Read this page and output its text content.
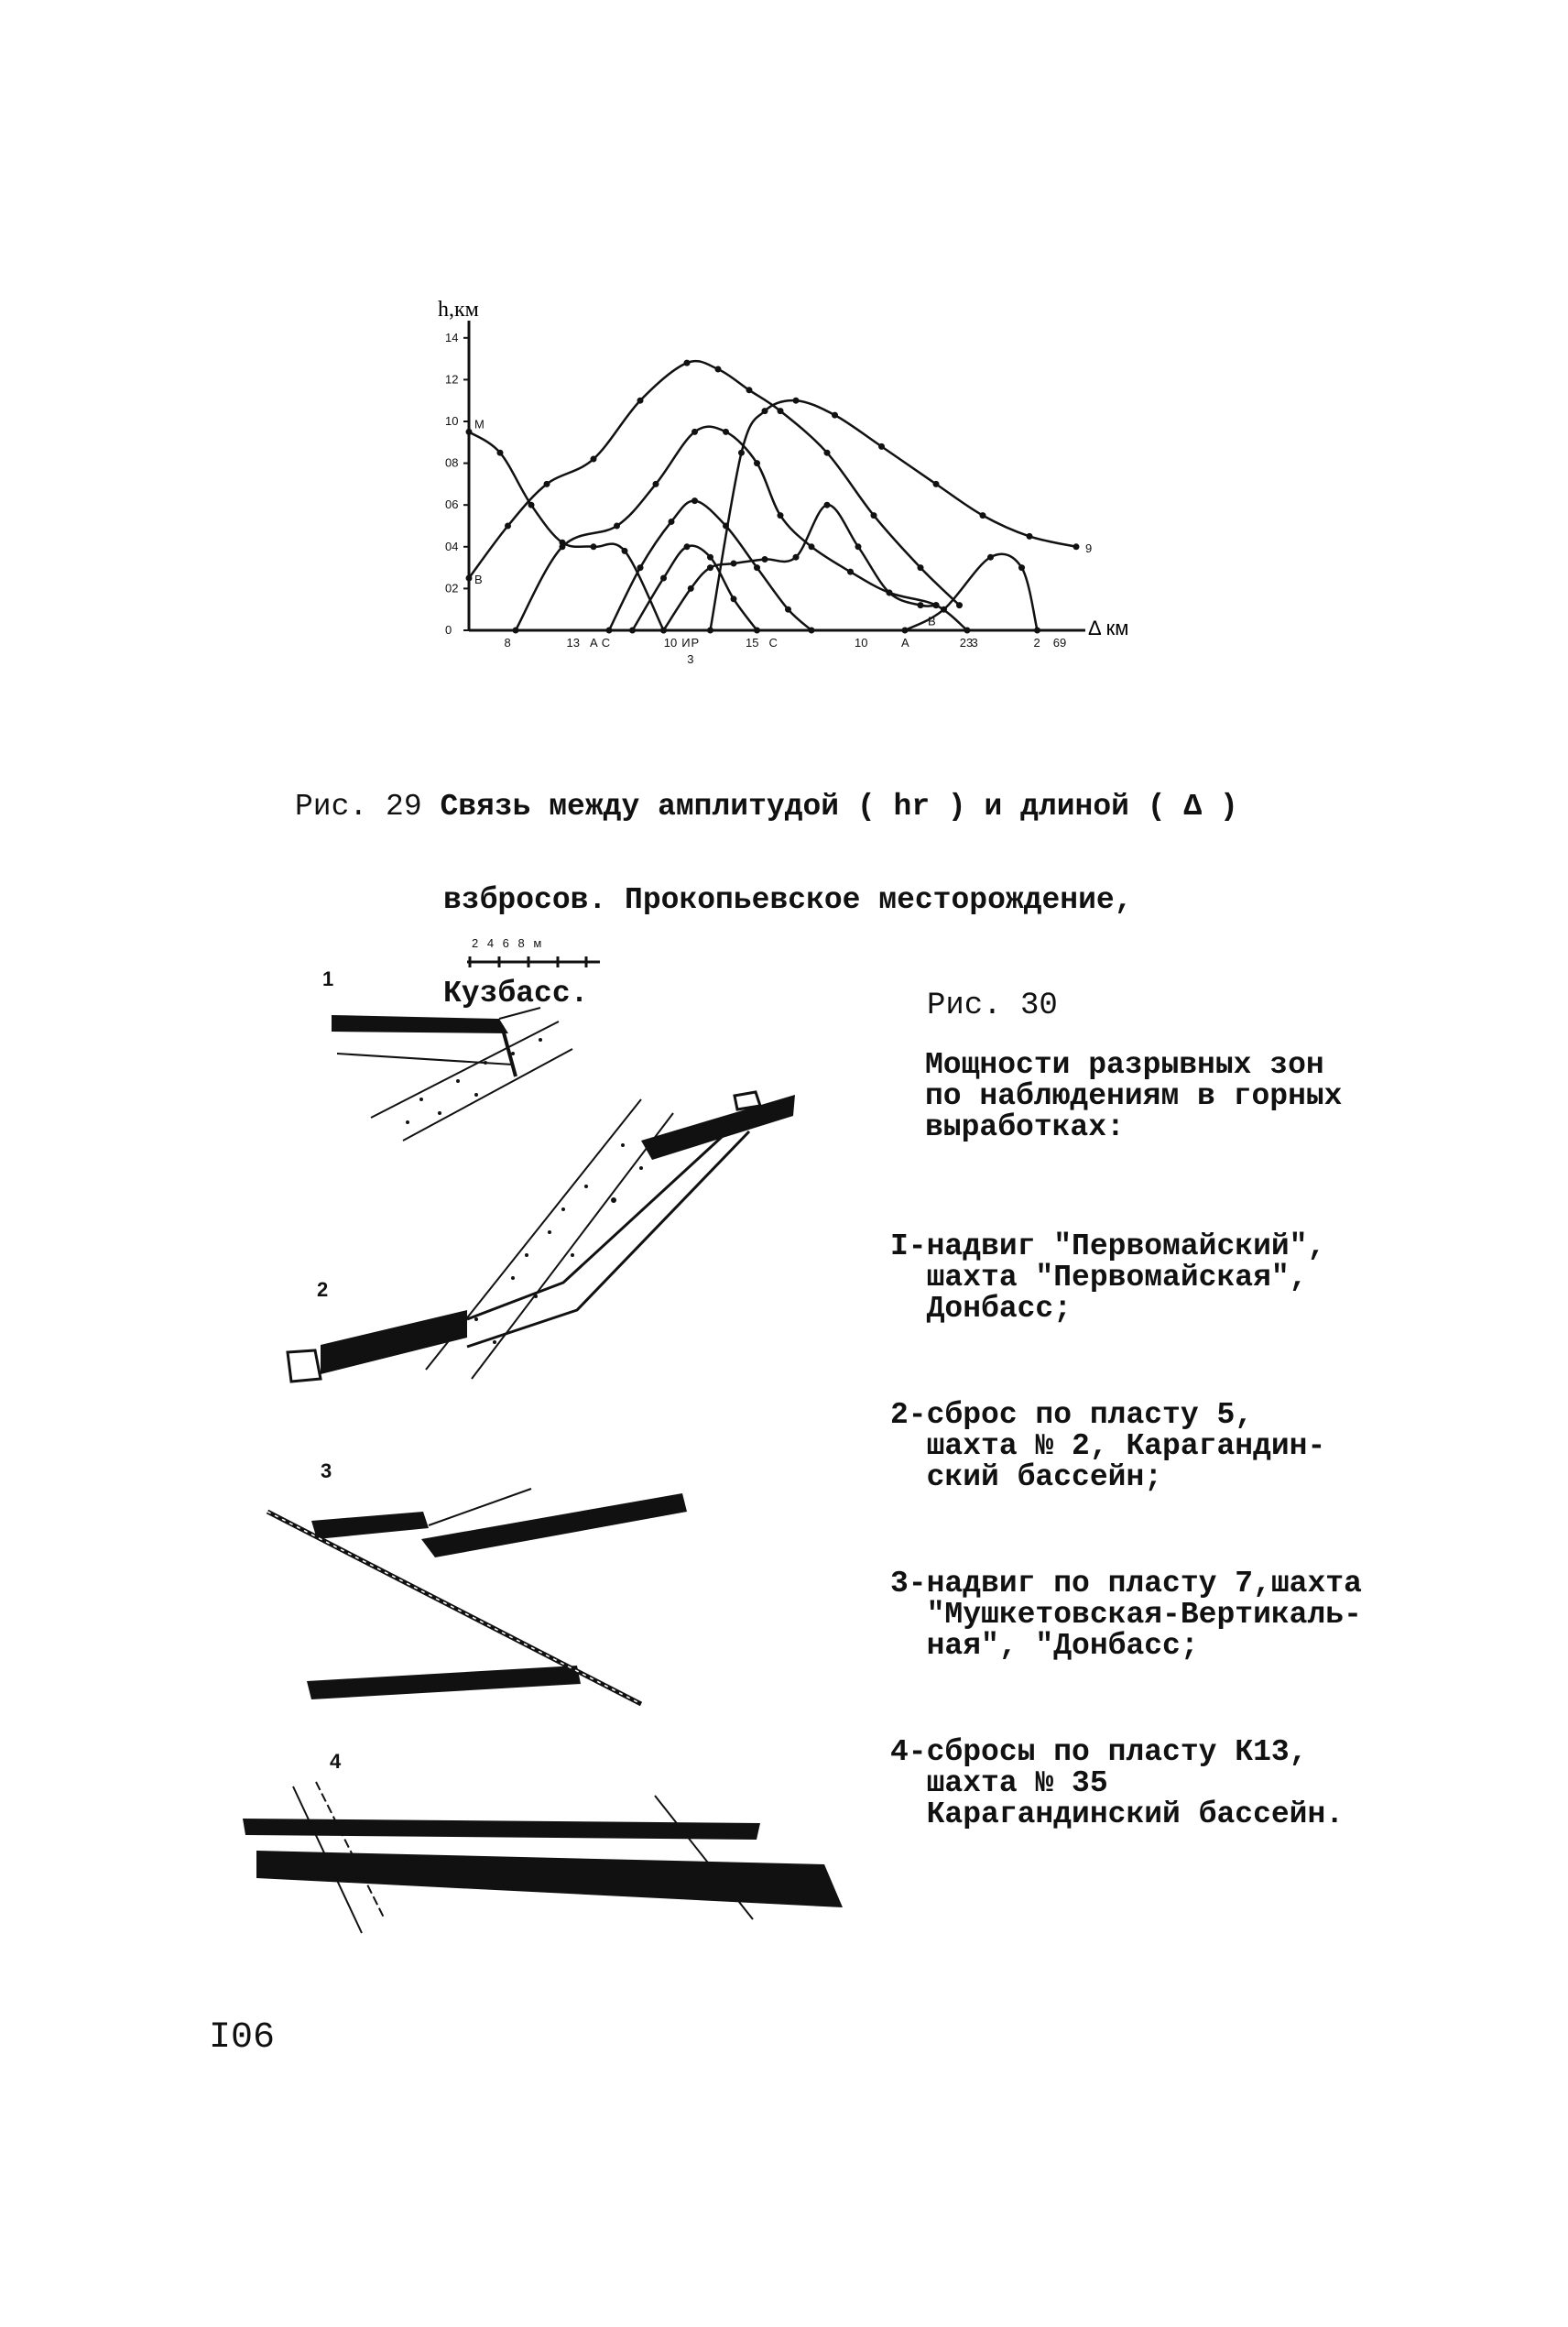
h,км
Δ км
0
02
04
06
08
10
12
14
8	13 А С	10 И Р
3
15 С	10	А	23
3	2 69
М
В
9
В

Рис. 29 Связь между амплитудой ( hr ) и длиной ( Δ )

взбросов. Прокопьевское месторождение,

Кузбасс.	Рис. 30
Мощности разрывных зон
по наблюдениям в горных
выработках:

I-надвиг "Первомайский",
шахта "Первомайская",
Донбасс;

2-сброс по пласту 5,
шахта № 2, Карагандин-
ский бассейн;

3-надвиг по пласту 7,шахта
"Мушкетовская-Вертикаль-
ная", "Донбасс;

4-сбросы по пласту К13,
шахта № 35
Карагандинский бассейн.

1
2
3
4
2 4 6 8 м
I06
